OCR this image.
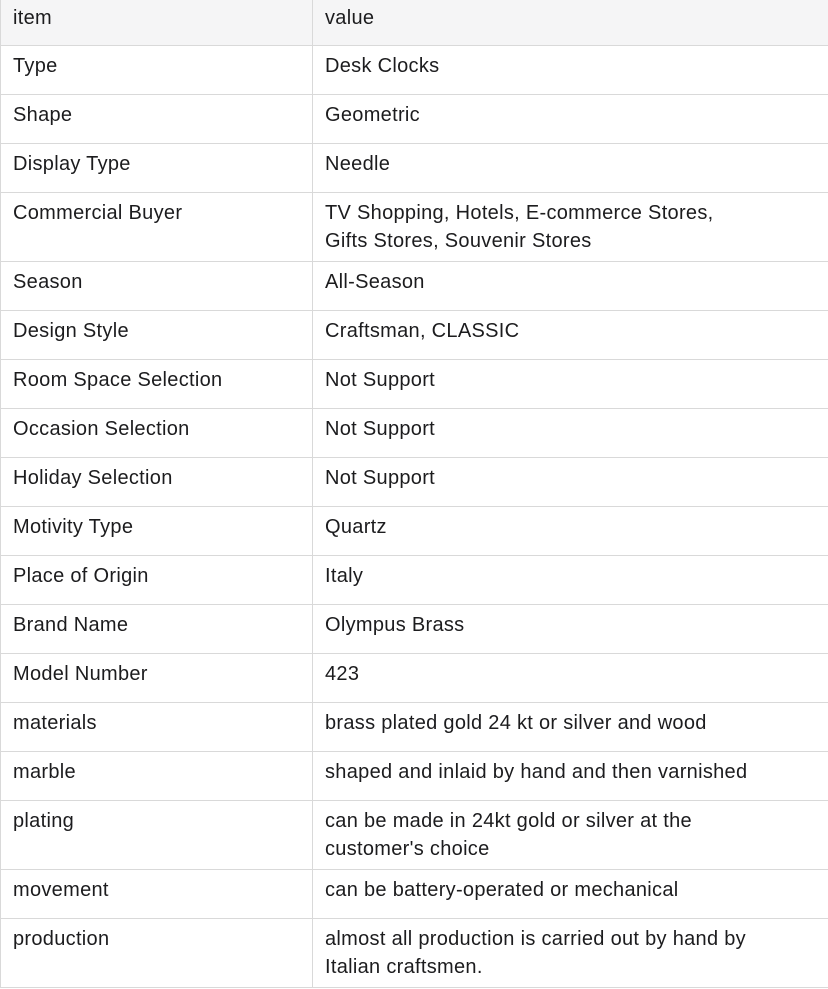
item	value
Type	Desk Clocks
Shape	Geometric
Display Type	Needle
Commercial Buyer	TV Shopping, Hotels, E-commerce Stores,
Gifts Stores, Souvenir Stores
Season	All-Season
Design Style	Craftsman, CLASSIC
Room Space Selection	Not Support
Occasion Selection	Not Support
Holiday Selection	Not Support
Motivity Type	Quartz
Place of Origin	Italy
Brand Name	Olympus Brass
Model Number	423
materials	brass plated gold 24 kt or silver and wood
marble	shaped and inlaid by hand and then varnished
plating	can be made in 24kt gold or silver at the
customer's choice
movement	can be battery-operated or mechanical
production	almost all production is carried out by hand by
Italian craftsmen.
